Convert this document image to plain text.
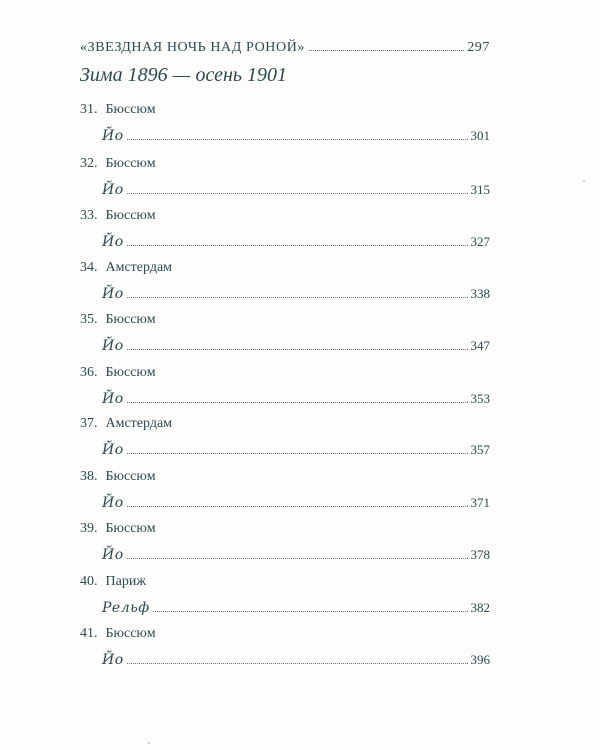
«ЗВЕЗДНАЯ НОЧЬ НАД РОНОЙ»	297
Зима 1896 — осень 1901
31. Бюссюм
Йо	301
32. Бюссюм
Йо	315
33. Бюссюм
Йо	327
34. Амстердам
Йо	338
35. Бюссюм
Йо	347
36. Бюссюм
Йо	353
37. Амстердам
Йо	357
38. Бюссюм
Йо	371
39. Бюссюм
Йо	378
40. Париж
Рельф	382
41. Бюссюм
Йо	396
